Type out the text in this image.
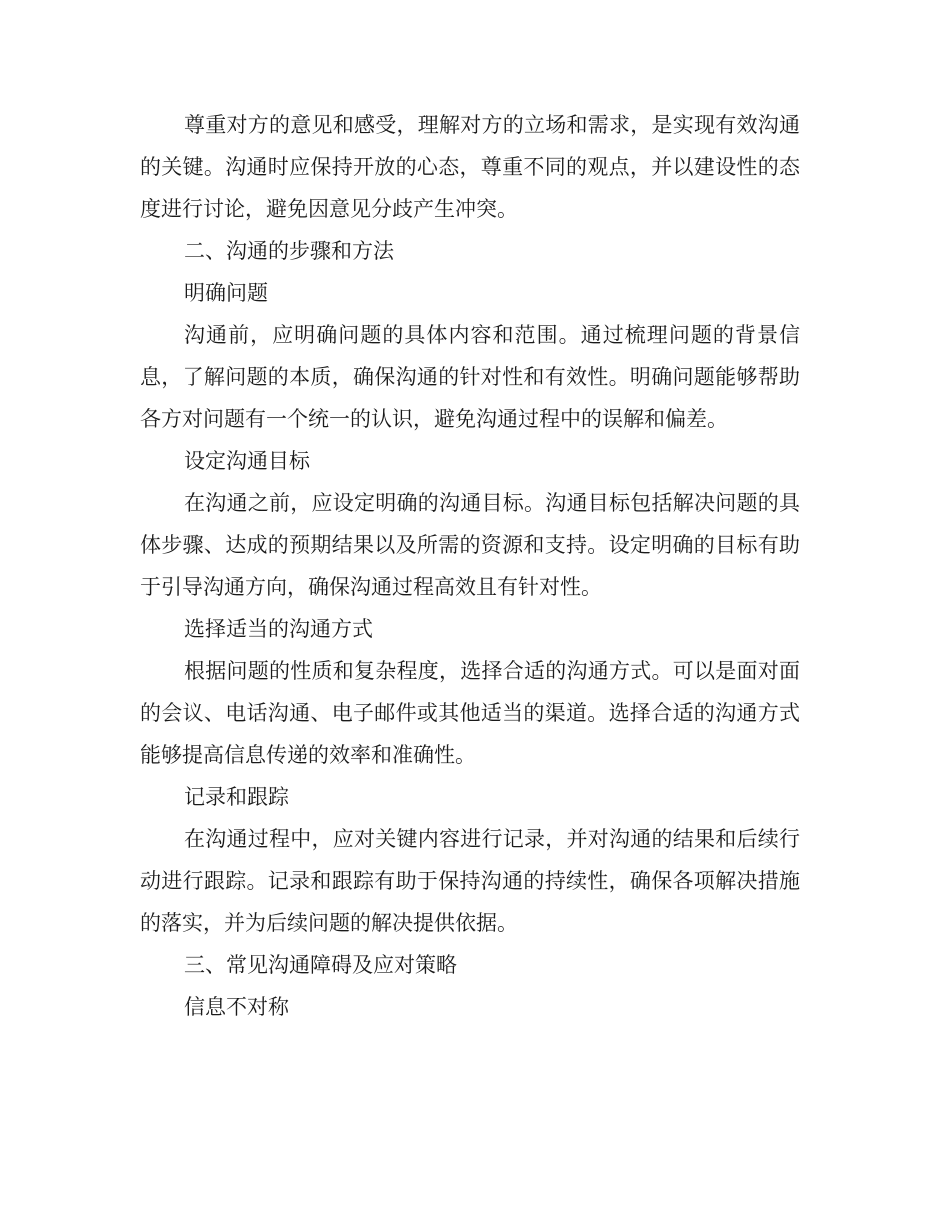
尊重对方的意见和感受，理解对方的立场和需求，是实现有效沟通的关键。沟通时应保持开放的心态，尊重不同的观点，并以建设性的态度进行讨论，避免因意见分歧产生冲突。

二、沟通的步骤和方法

明确问题

沟通前，应明确问题的具体内容和范围。通过梳理问题的背景信息，了解问题的本质，确保沟通的针对性和有效性。明确问题能够帮助各方对问题有一个统一的认识，避免沟通过程中的误解和偏差。

设定沟通目标

在沟通之前，应设定明确的沟通目标。沟通目标包括解决问题的具体步骤、达成的预期结果以及所需的资源和支持。设定明确的目标有助于引导沟通方向，确保沟通过程高效且有针对性。

选择适当的沟通方式

根据问题的性质和复杂程度，选择合适的沟通方式。可以是面对面的会议、电话沟通、电子邮件或其他适当的渠道。选择合适的沟通方式能够提高信息传递的效率和准确性。

记录和跟踪

在沟通过程中，应对关键内容进行记录，并对沟通的结果和后续行动进行跟踪。记录和跟踪有助于保持沟通的持续性，确保各项解决措施的落实，并为后续问题的解决提供依据。

三、常见沟通障碍及应对策略

信息不对称
